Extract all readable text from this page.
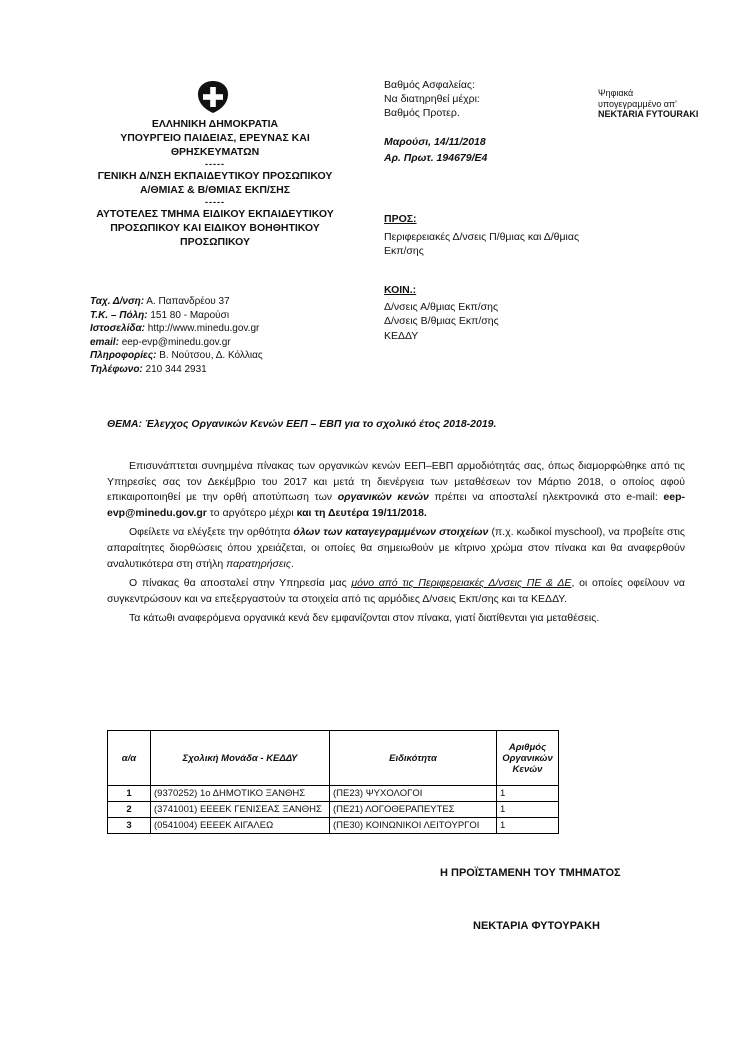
ΕΛΛΗΝΙΚΗ ΔΗΜΟΚΡΑΤΙΑ
ΥΠΟΥΡΓΕΙΟ ΠΑΙΔΕΙΑΣ, ΕΡΕΥΝΑΣ ΚΑΙ
ΘΡΗΣΚΕΥΜΑΤΩΝ
-----
ΓΕΝΙΚΗ Δ/ΝΣΗ ΕΚΠΑΙΔΕΥΤΙΚΟΥ ΠΡΟΣΩΠΙΚΟΥ
Α/ΘΜΙΑΣ & Β/ΘΜΙΑΣ ΕΚΠ/ΣΗΣ
-----
ΑΥΤΟΤΕΛΕΣ ΤΜΗΜΑ ΕΙΔΙΚΟΥ ΕΚΠΑΙΔΕΥΤΙΚΟΥ
ΠΡΟΣΩΠΙΚΟΥ ΚΑΙ ΕΙΔΙΚΟΥ ΒΟΗΘΗΤΙΚΟΥ
ΠΡΟΣΩΠΙΚΟΥ
Ταχ. Δ/νση: Α. Παπανδρέου 37
Τ.Κ. – Πόλη: 151 80 - Μαρούσι
Ιστοσελίδα: http://www.minedu.gov.gr
email: eep-evp@minedu.gov.gr
Πληροφορίες: Β. Νούτσου, Δ. Κόλλιας
Τηλέφωνο: 210 344 2931
Βαθμός Ασφαλείας:
Να διατηρηθεί μέχρι:
Βαθμός Προτερ.
Ψηφιακά
υπογεγραμμένο απ'
NEKTARIA FYTOURAKI
Μαρούσι, 14/11/2018
Αρ. Πρωτ. 194679/Ε4
ΠΡΟΣ:
Περιφερειακές Δ/νσεις Π/θμιας και Δ/θμιας
Εκπ/σης
ΚΟΙΝ.:
Δ/νσεις Α/θμιας Εκπ/σης
Δ/νσεις Β/θμιας Εκπ/σης
ΚΕΔΔΥ
ΘΕΜΑ: Έλεγχος Οργανικών Κενών ΕΕΠ – ΕΒΠ για το σχολικό έτος 2018-2019.

Επισυνάπτεται συνημμένα πίνακας των οργανικών κενών ΕΕΠ–ΕΒΠ αρμοδιότητάς σας, όπως διαμορφώθηκε από τις Υπηρεσίες σας τον Δεκέμβριο του 2017 και μετά τη διενέργεια των μεταθέσεων τον Μάρτιο 2018, ο οποίος αφού επικαιροποιηθεί με την ορθή αποτύπωση των οργανικών κενών πρέπει να αποσταλεί ηλεκτρονικά στο e-mail: eep-evp@minedu.gov.gr το αργότερο μέχρι και τη Δευτέρα 19/11/2018.

Οφείλετε να ελέγξετε την ορθότητα όλων των καταγεγραμμένων στοιχείων (π.χ. κωδικοί myschool), να προβείτε στις απαραίτητες διορθώσεις όπου χρειάζεται, οι οποίες θα σημειωθούν με κίτρινο χρώμα στον πίνακα και θα αναφερθούν αναλυτικότερα στη στήλη παρατηρήσεις.

Ο πίνακας θα αποσταλεί στην Υπηρεσία μας μόνο από τις Περιφερειακές Δ/νσεις ΠΕ & ΔΕ, οι οποίες οφείλουν να συγκεντρώσουν και να επεξεργαστούν τα στοιχεία από τις αρμόδιες Δ/νσεις Εκπ/σης και τα ΚΕΔΔΥ.

Τα κάτωθι αναφερόμενα οργανικά κενά δεν εμφανίζονται στον πίνακα, γιατί διατίθενται για μεταθέσεις.

α/α	Σχολική Μονάδα - ΚΕΔΔΥ	Ειδικότητα	Αριθμός Οργανικών Κενών
1	(9370252) 1ο ΔΗΜΟΤΙΚΟ ΞΑΝΘΗΣ	(ΠΕ23) ΨΥΧΟΛΟΓΟΙ	1
2	(3741001) ΕΕΕΕΚ ΓΕΝΙΣΕΑΣ ΞΑΝΘΗΣ	(ΠΕ21) ΛΟΓΟΘΕΡΑΠΕΥΤΕΣ	1
3	(0541004) ΕΕΕΕΚ ΑΙΓΑΛΕΩ	(ΠΕ30) ΚΟΙΝΩΝΙΚΟΙ ΛΕΙΤΟΥΡΓΟΙ	1
Η ΠΡΟΪΣΤΑΜΕΝΗ ΤΟΥ ΤΜΗΜΑΤΟΣ
ΝΕΚΤΑΡΙΑ ΦΥΤΟΥΡΑΚΗ
